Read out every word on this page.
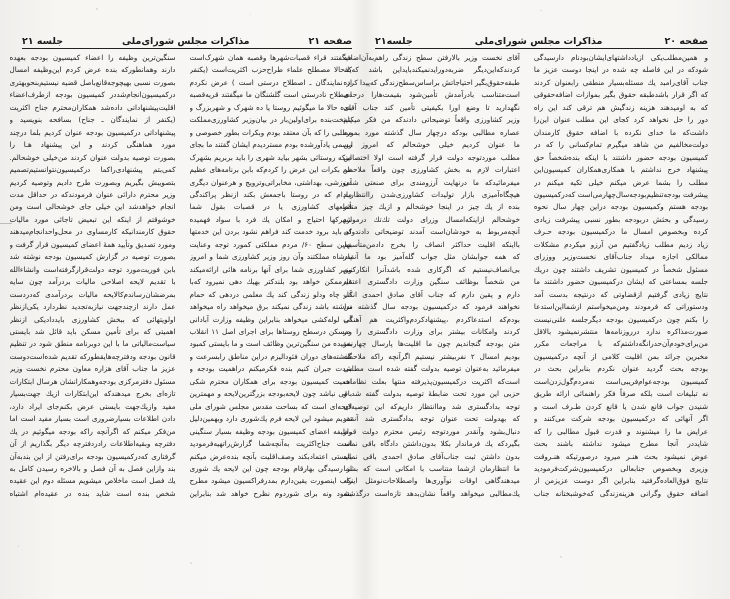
صفحه ۲۱
مذاکرات مجلس شورای‌ملی
جلسه ۲۱
میگفتند قراء قصبات‌شهرها وقصبه همان شهرک‌است
که‌حالا مصطلح علماء طراح‌حزب اکثریت‌است (یکنفر
از نمایندگان ـ اصطلاح درستی است ) عرض نکردم
اصطلاح نادرستی است گلشنگان ما میگفتند قریه‌قصبه
بنده حالا ما میگوئیم روستا یا ده شهرک و شهربزرگ و
پایتخت‌بنده برای‌اولین‌بار در بیان‌وزیر کشاورزی‌مملکت
مطلبی را که بآن معتقد بودم وبکرات بطور خصوصی و
رسمی یادآورشده بودم مستردیدم ایشان گفتند ما بجای
اینکه روستائی بشهر بیاید شهری را باید بربریم بشهرک
من بکرات این عرض را کردم‌که بابن برنامه‌های عظیم
آموزشی، بهداشتی، مخابراتی‌وترویج و هرعنوان دیگری
مادام که در روستا باجمعش بکند ازنظر پراکندگی
قطعهای کشاورزی یا در قصبات بقول شما
شهرکها احتیاج و امکان یك فرد با سواد فهمیده
که باید برود خدمت کند فراهم نشود بردن این خدمتها
بهاین سطح ۶۰/ مردم مملکتی کمورد توجه وعنایت
پادشاه مملکتند وآن روز وزیر کشاورزی شما و امروز
وزیر کشاورزی شما برای آنها برنامه هائی ارائه‌میکند
غیرممکن خواهد بود بلندکتر بهیك دهی نمیرود که‌با
آب چاه ودلو زندگی کند یك معلمی دردهی که حمام
نداشته باشد زندگی نمیکند برق میخواهد راه میخواهد
آب لوله‌کشی میخواهد بنابراین وظیفه وزارت آبادانی
ومسکن درسطح روستاها برای اجرای اصل ۱۱ انقلاب
بعقیده من سنگین‌ترین وظائف است و ما بایستی کمبود
گذشته‌های دوران فئودالیزم دراین مناطق رابسرعت و
شدت جبران کنیم بنده فکرمیکنم دراهمیت بودجه و
اهمیت کمیسیون بودجه برای همکاران محترم شکی
باقی نباشد چون لایحه‌بودجه بزرگترین‌لایحه و مهمترین
لایحه‌ای است که بساحت مقدس مجلس شورای ملی
تقدیم میشود این لایحه فرم یك‌شوری دارد وبهمین‌دلیل
وظیفه اعضای کمیسیون بودجه وظیفه بسیار سنگینی
است جناح‌اکثریت به‌آنچه‌شما گزارش‌راتهیه‌فرمودید
بایستی اعتمادبکند وصف‌اقلیت بآنچه بنده‌عرض میکنم
از رسیدگی بهارقام بودجه چون این لایحه یك شوری
راب اینصورت یقین‌دارم بمدرفراکسیون میشود مطرح
بشود ونه برای شوردوم نظرح خواهد شد بنابراین
سنگین‌ترین وظیفه را اعضاء کمیسیون بودجه بعهده
دارند وهمانطورکه بنده عرض کردم این‌وظیفه امسال
بصورت نسبی بهیچوجه‌قانع‌باصل قضیه نیستیم‌بنحوبهتری
درکمیسیون‌انجام‌شددر کمیسیون بودجه ازطرف‌اعضاء
اقلیت‌پیشنهاداتی داده‌شد همکاران‌محترم جناح اکثریت
(یکنفر از نمایندگان ـ جناح) بسافحه بنویسید و
پیشنهاداتی درکمیسیون بودجه عنوان کردیم بلما درچند
مورد هماهنگی کردند و این پیشنهاد هـا را
بصورت توصیه بدولت عنوان کردند من‌خیلی خوشحالم.
کمی‌بتم پیشنهادی‌راکما درکمیسیون‌نتوانستیم‌تصمیم
بتصویبش بگیریم وبصورت طرح دادیم وتوصیه کردیم
وزیر محترم دارائی عنوان فرمودندکه در حداقل مدت
انجام خواهدشد این خیلی جای خوشحالی است ومن
خوشوقتم از اینکه این تبعیض تاجائی مورد مالیات
حقوق کارمندانیکه کارمساوی در محل‌واحدانجام‌میدهند
ومورد تصدیق وتأیید همۀ اعضای کمیسیون قرار گرفت و
بصورت توصیه در گزارش کمیسیون بودجه نوشته شد
بابن فوریت‌مورد توجه دولت‌قرارگرفته‌است وانشاءالله
با تقدیم لایحه اصلاحی مالیات بردرآمد چون سایه
بمرضشان‌رساندم‌کالایحه مالیات بردرآمدی که‌دردست
عمل دارند ازچندجهت نیازبه‌تجدید نظردارد یکی‌ازنظر
اولویتهائی که ببخش کشاورزی بایددادیکی ازنظر
اهمیتی که برای تأمین مسکن باید قائل شد بایستی
سیاست‌مالیاتی ما با این دوبرنامه منطق شود در تنظیم
قانون بودجه ودفترچه‌هایقطورکه تقدیم شده‌است‌دوست
عزیز ما جناب آقای هزاره معاون محترم نخست وزیر
مسئول دفترمرکزی بودجه‌وهمکارانشان هرسال ابتکارات
تازه‌ای بخرج میدهندکه این‌ابتکارات ازیك جهت‌بسیار
مفید وازیك‌جهت بایستی عرض بکنم‌جای ایراد دارد،
دادن اطلاعات بسیارضروری است بسیار مفید است اما
من‌فکر میکنم که اگرآنچه راکه بودجه میگوئیم در یك
دفترچه وبقیه‌اطلاعات رادردفترچه دیگر بگذاریم از آن
گرفتاری که‌درکمیسیون بودجه برای‌رفتن از این بندبه‌آن
بند وازاین فصل به آن فصل و بالاخره رسیدن کامل به
یك فصل است ماخلاص میشویم مسئله دوم این عقیده
شخص بنده است شاید بنده در عقیده‌ام اشتباه
صفحه ۲۰
مذاکرات مجلس شورای‌ملی
جلسه۲۱
و همین‌مطلب‌یکی ازیادداشتهای‌ایشان‌بودنام دارسیدگی
شودکه در این فاصله چه شده در اینجا دوست عزیز ما
جناب آقای‌رامبد یك مسئله‌بسیار منطقی رابعنوان کردند
که اگر قرار باشدطبقه حقوق بگیر بموازات اضافه‌حقوقی
که به اومیدهند هزینه زندگیش هم ترقی کند این راه
دور را حل نخواهد کرد کجای این مطلب عنوان این‌را
داشت‌که ما خدای نکرده با اضافه حقوق کارمندان
دولت‌مخالفیم من شاهد میگیرم تمام‌کسانی را که در
کمیسیون بودجه حضور داشتند با اینکه بنده‌شخصاً حق
پیشنهاد خرج نداشتم با همکاری‌همکاران کمیسیون‌این
مطلب را بشما عرض میکنم خیلی تکیه میکنم در
پیشرفت بودجه‌تنظیم‌بودجه‌سال‌چهارمی‌است که‌درکمیسیون
بودجه هستم وکمیسیون بودجه دراین چهار سال نحوه
رسیدگی و بحثش دربودجه بطور نسبی پیشرفت زیادی
کرده وبخصوص امسال ما درکمیسیون بودجه حـرف
زیاد زدیم مطلب زیادگفتیم من آرزو میکردم مشکلات
ممالکی اجازه میداد جناب‌آقای نخست‌وزیر ووزرای
مسئول شخصاً در کمیسیون تشریف داشتند چون دریك
جلسه بمساعتی که ایشان درکمیسیون حضور داشتند ما
نتایج زیادی گرفتیم ازقضاوتی که درنتیجه بدست آمد
ودستوراتی که فرمودند ومن‌میخواستم ازشما‌این‌استدعا
را بکنم چون درکمیسیون بودجه دیگرجلسه علنی‌نیست
صورت‌مذاکره ندارد درروزنامه‌ها منتشرنمیشود بالاقل
من‌برای‌خودم‌آن‌حدرانگه‌داشتم‌که با مراجعات مکرر
مخبرین جرائد بمن اقلیت کلامی از آنچه درکمیسیون
بودجه بحث گردید عنوان نکردم بنابراین بحث در
کمیسیون بودجه‌عوام‌فریبی‌است نه‌مردم‌گول‌زدن‌است
نه تبلیغات است بلکه صرفاً فکر راهنمائی ارائه طریق
شنیدن جواب قانع شدن یا قانع کردن طـرف است و
اگر آنهائی که درکمیسیون بودجه شرکت می‌کنند و
عرایض ما را میشنوند و قدرت قبول مطالبی را که
شایددر آنجا مطرح میشود نداشته باشند بحث
عوض نمیشود بحث هنـر میرود درصورتیکه هنـروقت
وزیری وبخصوص جنابعالی درکمیسیون‌شرکت‌فرمودید
نتایج فوق‌العاده‌گرفتید بنابراین اگر دوست عزیزمن از
اضافه حقوق وگرانی هزینه‌زندگی که‌خوشبختانه جناب
آقای نخست وزیر بالارفتن سطح زندگی راهم‌به‌آن‌اضافه
کردندکه‌این‌دیگر ضربه‌دورایدنمیکندبایداین باشد که‌یك
طبقه‌حقوق‌بگیر احتیاجاتش براساس‌سطح‌زندگی که‌پیدا کرده
است‌متناسب بادرآمدش تأمین‌شود بقیمت‌هارا درحدی
نگهدارید تا وضع اورا بکیفیتی تأمین کند جناب آقای
وزیر کشاورزی واقعاً توضیحاتی دادندکه من فکر میکنم
عصاره مطالبی بودکه درچهار سال گذشته مورد بمورد
ما عنوان کردیم خیلی خوشحالم که امروز این
مطلب موردتوجه دولت قرار گرفته است اولا اختصاص
اعتبارات لازم به بخش کشاورزی چون واقعاً ملاحظه
میفرمائیدکه ما درنهایت آرزومندی برای صنعتی شدن
هیچگاه‌آمیزی بازار تولیدات کشاورزی‌شدن راانتظاریم
بنده از یك چیز در اینجا خوشحالم و ازیك چیز متأثر
خوشحالم ازاینکه‌امسال وزرای دولت تك‌تك درموارد
آنچه‌مربوط به خودشان‌است آمدند توضیحاتی دادندولی
بااینکه اقلیت حداکثر انصاف را بخرج دادمن‌متأسفم
که همه جوابشان مثل جواب گله‌آمیز بود ما آنقدر
بی‌انصاف‌نیستیم که اگرکاری شده باشدآنرا انکارکنیم
من شخصاً بوظائف سنگین وزارت دادگستری اعتقاد
دارم و یقین دارم که جناب آقای صادق احمدی انکار
نخواهند فرمود که درکمیسیون بودجه سال گذشته من
بودم‌که استدعاکردم ،پیشنهادکردم‌واکثریت هم آهنگی
کردند وامکانات بیشتر برای وزارت دادگستری را در
متن بودجه گنجاندیم چون ما اقلیت‌ها پارسال چهارنفر
بودیم امسال ۲ نفربیشتر نیستیم اگرآنچه راکه ملاحظه
میفرمائید به‌عنوان توصیه بدولت گفته شده است مطلبی
است‌که اکثریت درکمیسیون‌پذیرفته منتها بعلت نظامات
حزبی این مورد تحت ضابطهٔ توصیه بدولت گفته شد و
توجه بدادگستری شد وماانتظار داریم‌که این توصیه‌ای
که بهدولت تحت عنوان توجه بدادگستری شد آنقدر
دنبال‌بشود وآنقدر موردتوجه رئیس محترم دولت قرار
بگیردکه یك فرماندار بکلا بدون‌داشتن دادگاه باقی نماند
بدون داشتن ثبت جناب‌آقای صادق احمدی باقی نماند
ما انتظارمان ازشما متناسب با امکانی است که بشما
میدهندگاهی اوقات نوآوری‌ها واصطلاحات‌نومثل اینکه
یك‌مطالبی میخواهد واقعاً نشان‌بدهد تازه‌است درگذشته
